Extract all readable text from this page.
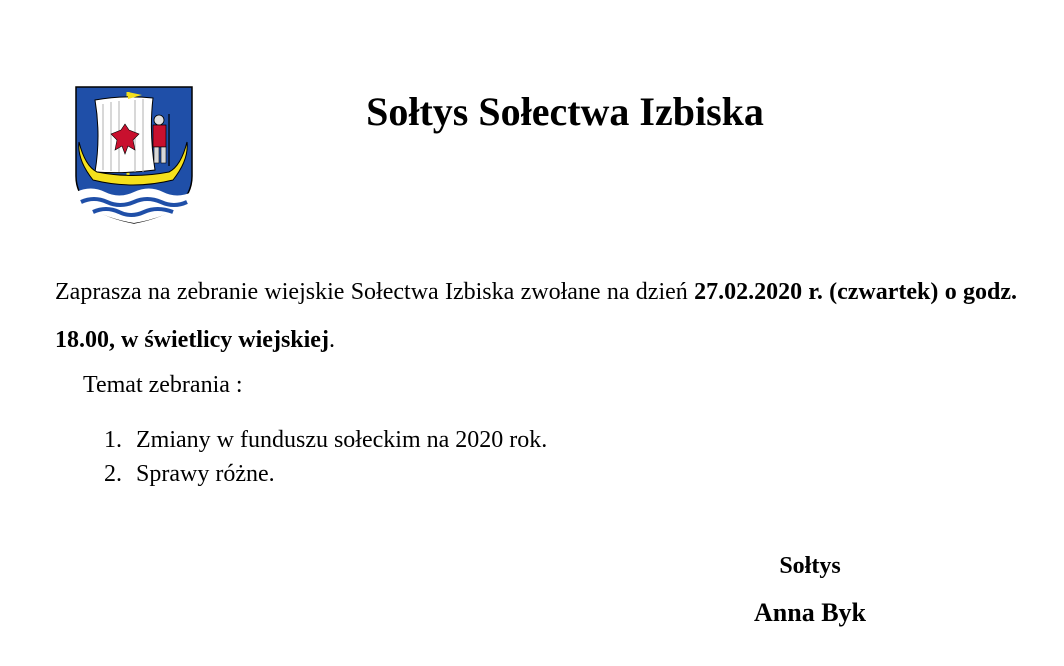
Sołtys Sołectwa Izbiska
Zaprasza na zebranie wiejskie Sołectwa Izbiska zwołane na dzień 27.02.2020 r. (czwartek) o godz. 18.00, w świetlicy wiejskiej.
Temat zebrania :
1. Zmiany w funduszu sołeckim na 2020 rok.
2. Sprawy różne.
Sołtys
Anna Byk
